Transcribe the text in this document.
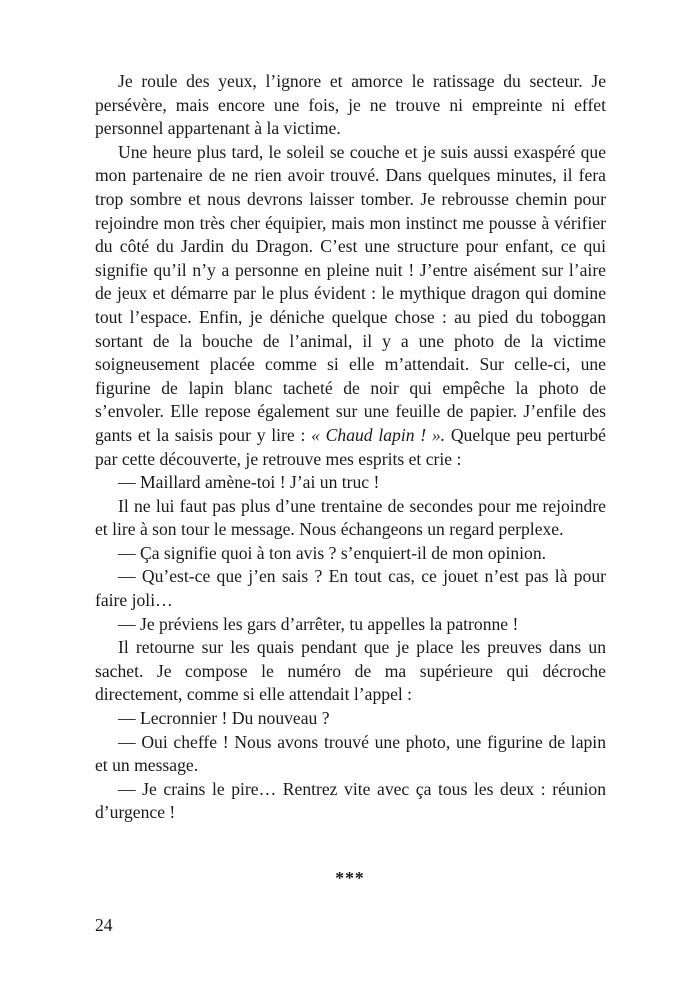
Je roule des yeux, l’ignore et amorce le ratissage du secteur. Je persévère, mais encore une fois, je ne trouve ni empreinte ni effet personnel appartenant à la victime.

Une heure plus tard, le soleil se couche et je suis aussi exaspéré que mon partenaire de ne rien avoir trouvé. Dans quelques minutes, il fera trop sombre et nous devrons laisser tomber. Je rebrousse chemin pour rejoindre mon très cher équipier, mais mon instinct me pousse à vérifier du côté du Jardin du Dragon. C’est une structure pour enfant, ce qui signifie qu’il n’y a personne en pleine nuit ! J’entre aisément sur l’aire de jeux et démarre par le plus évident : le mythique dragon qui domine tout l’espace. Enfin, je déniche quelque chose : au pied du toboggan sortant de la bouche de l’animal, il y a une photo de la victime soigneusement placée comme si elle m’attendait. Sur celle-ci, une figurine de lapin blanc tacheté de noir qui empêche la photo de s’envoler. Elle repose également sur une feuille de papier. J’enfile des gants et la saisis pour y lire : « Chaud lapin ! ». Quelque peu perturbé par cette découverte, je retrouve mes esprits et crie :

— Maillard amène-toi ! J’ai un truc !

Il ne lui faut pas plus d’une trentaine de secondes pour me rejoindre et lire à son tour le message. Nous échangeons un regard perplexe.

— Ça signifie quoi à ton avis ? s’enquiert-il de mon opinion.

— Qu’est-ce que j’en sais ? En tout cas, ce jouet n’est pas là pour faire joli…

— Je préviens les gars d’arrêter, tu appelles la patronne !

Il retourne sur les quais pendant que je place les preuves dans un sachet. Je compose le numéro de ma supérieure qui décroche directement, comme si elle attendait l’appel :

— Lecronnier ! Du nouveau ?

— Oui cheffe ! Nous avons trouvé une photo, une figurine de lapin et un message.

— Je crains le pire… Rentrez vite avec ça tous les deux : réunion d’urgence !

***
24
